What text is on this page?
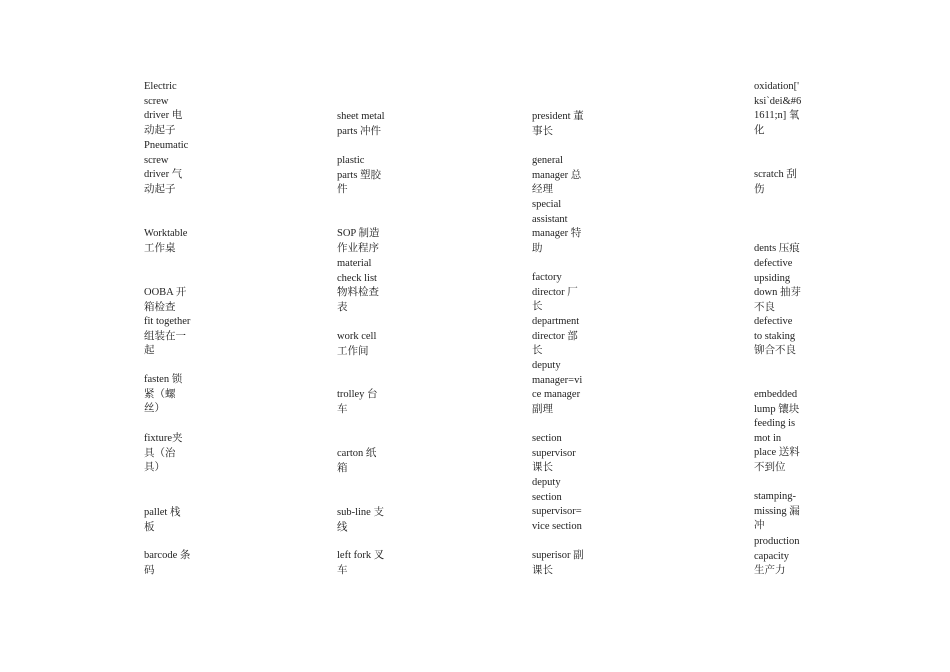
Electric
screw
driver 电
动起子
Pneumatic
screw
driver 气
动起子
Worktable
工作桌
OOBA 开
箱检查
fit together
组装在一
起
fasten 锁
紧（螺
丝）
fixture夹
具（治
具）
pallet 栈
板
barcode 条
码
sheet metal
parts 冲件
plastic
parts 塑胶
件
SOP 制造
作业程序
material
check list
物料检查
表
work cell
工作间
trolley 台
车
carton 纸
箱
sub-line 支
线
left fork 叉
车
president 董
事长
general
manager 总
经理
special
assistant
manager 特
助
factory
director 厂
长
department
director 部
长
deputy
manager=vi
ce manager
副理
section
supervisor
课长
deputy
section
supervisor=
vice section
superisor 副
课长
oxidation['
ksi`dei&#6
1611;n] 氧
化
scratch 刮
伤
dents 压痕
defective
upsiding
down 抽芽
不良
defective
to staking
铆合不良
embedded
lump 镶块
feeding is
mot in
place 送料
不到位
stamping-
missing 漏
冲
production
capacity
生产力
